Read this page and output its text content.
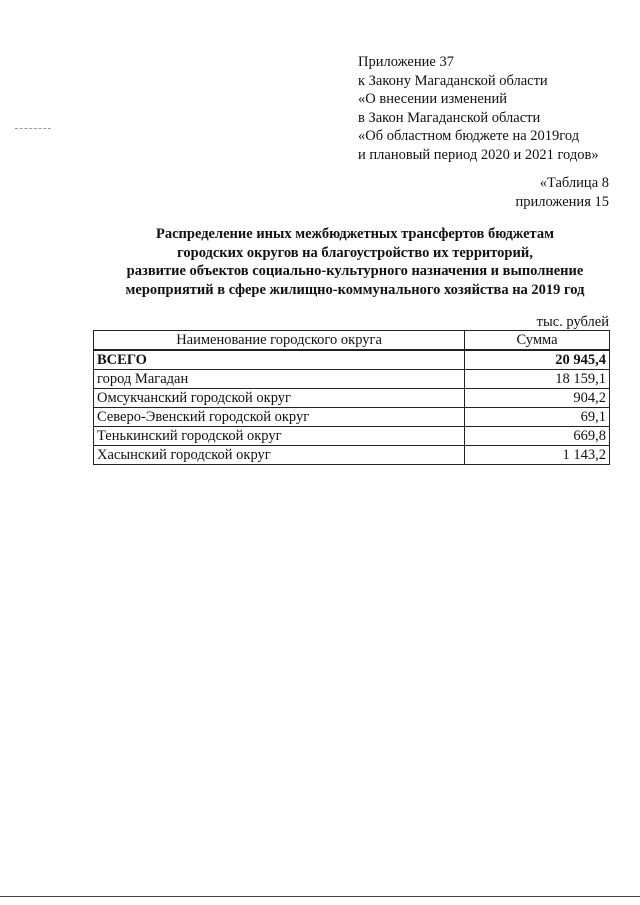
Приложение 37
к Закону Магаданской области
«О внесении изменений
в Закон Магаданской области
«Об областном бюджете на 2019год
и плановый период 2020 и 2021 годов»
«Таблица 8
приложения 15
Распределение иных межбюджетных трансфертов бюджетам
городских округов на благоустройство их территорий,
развитие объектов социально-культурного назначения и выполнение
мероприятий в сфере жилищно-коммунального хозяйства на 2019 год
тыс. рублей
Наименование городского округа	Сумма
ВСЕГО	20 945,4
город Магадан	18 159,1
Омсукчанский городской округ	904,2
Северо-Эвенский городской округ	69,1
Тенькинский городской округ	669,8
Хасынский городской округ	1 143,2
